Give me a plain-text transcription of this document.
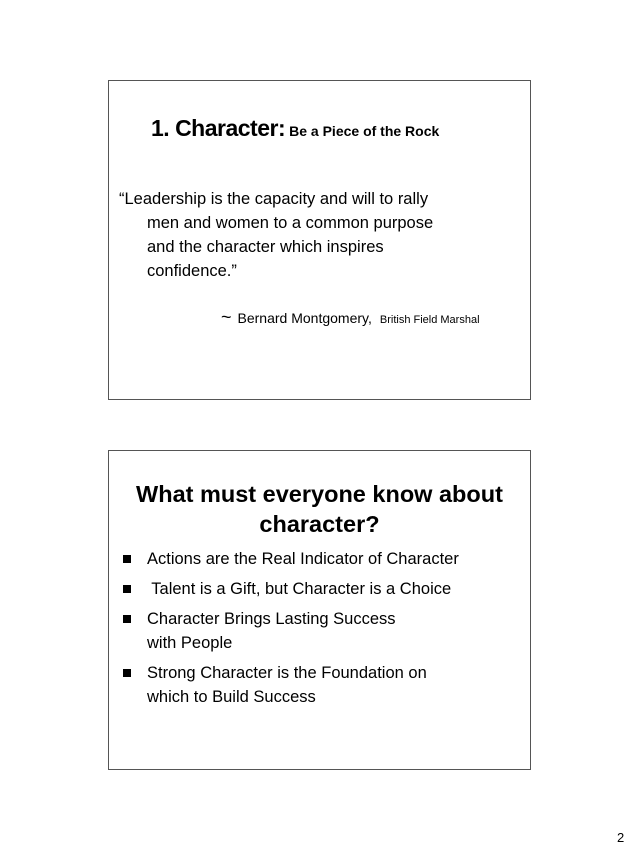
1. Character: Be a Piece of the Rock
“Leadership is the capacity and will to rally
men and women to a common purpose
and the character which inspires
confidence.”
~ Bernard Montgomery, British Field Marshal
What must everyone know about character?
Actions are the Real Indicator of Character
Talent is a Gift, but Character is a Choice
Character Brings Lasting Success
with People
Strong Character is the Foundation on
which to Build Success
2
